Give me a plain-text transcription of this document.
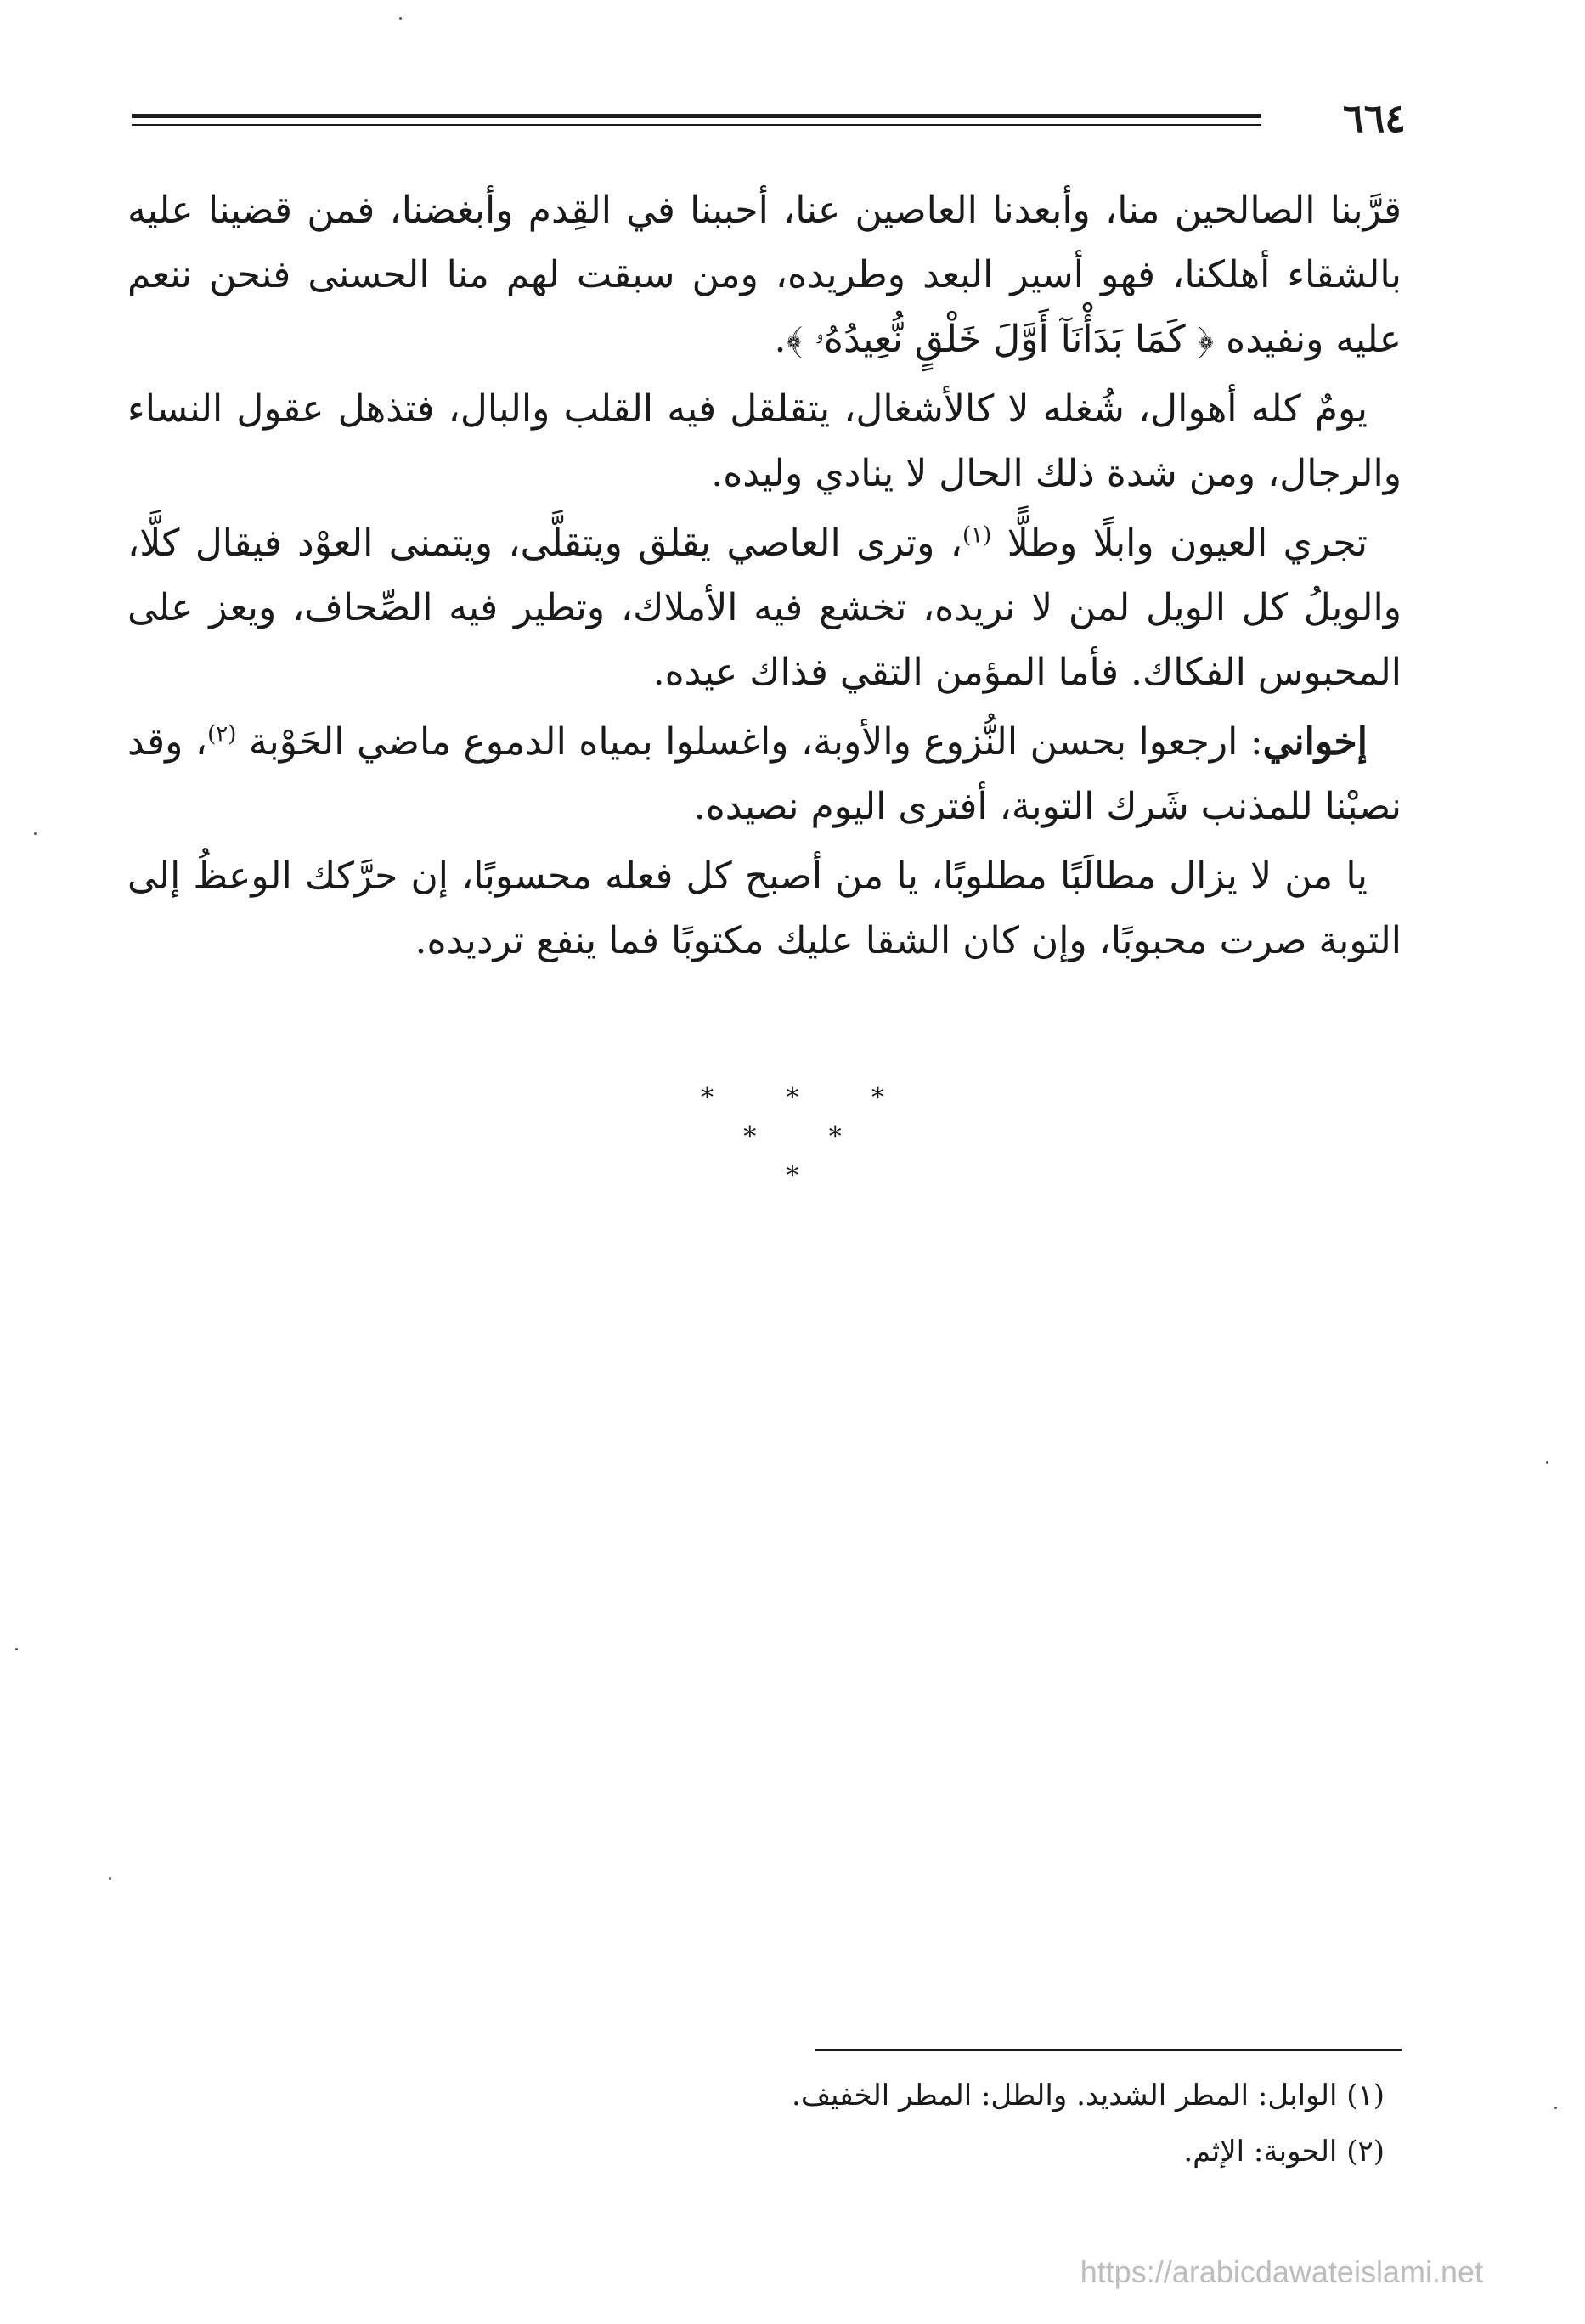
٦٦٤

قرَّبنا الصالحين منا، وأبعدنا العاصين عنا، أحببنا في القِدم وأبغضنا، فمن قضينا عليه بالشقاء أهلكنا، فهو أسير البعد وطريده، ومن سبقت لهم منا الحسنى فنحن ننعم عليه ونفيده ﴿ كَمَا بَدَأْنَآ أَوَّلَ خَلْقٍ نُّعِيدُهُۥ ﴾.

يومٌ كله أهوال، شُغله لا كالأشغال، يتقلقل فيه القلب والبال، فتذهل عقول النساء والرجال، ومن شدة ذلك الحال لا ينادي وليده.

تجري العيون وابلًا وطلًّا $^{(١)}$، وترى العاصي يقلق ويتقلَّى، ويتمنى العوْد فيقال كلَّا، والويلُ كل الويل لمن لا نريده، تخشع فيه الأملاك، وتطير فيه الصِّحاف، ويعز على المحبوس الفكاك. فأما المؤمن التقي فذاك عيده.

إخواني: ارجعوا بحسن النُّزوع والأوبة، واغسلوا بمياه الدموع ماضي الحَوْبة $^{(٢)}$، وقد نصبْنا للمذنب شَرك التوبة، أفترى اليوم نصيده.

يا من لا يزال مطالَبًا مطلوبًا، يا من أصبح كل فعله محسوبًا، إن حرَّكك الوعظُ إلى التوبة صرت محبوبًا، وإن كان الشقا عليك مكتوبًا فما ينفع ترديده.

* * *
* *
*

(١) الوابل: المطر الشديد. والطل: المطر الخفيف.

(٢) الحوبة: الإثم.

https://arabicdawateislami.net
